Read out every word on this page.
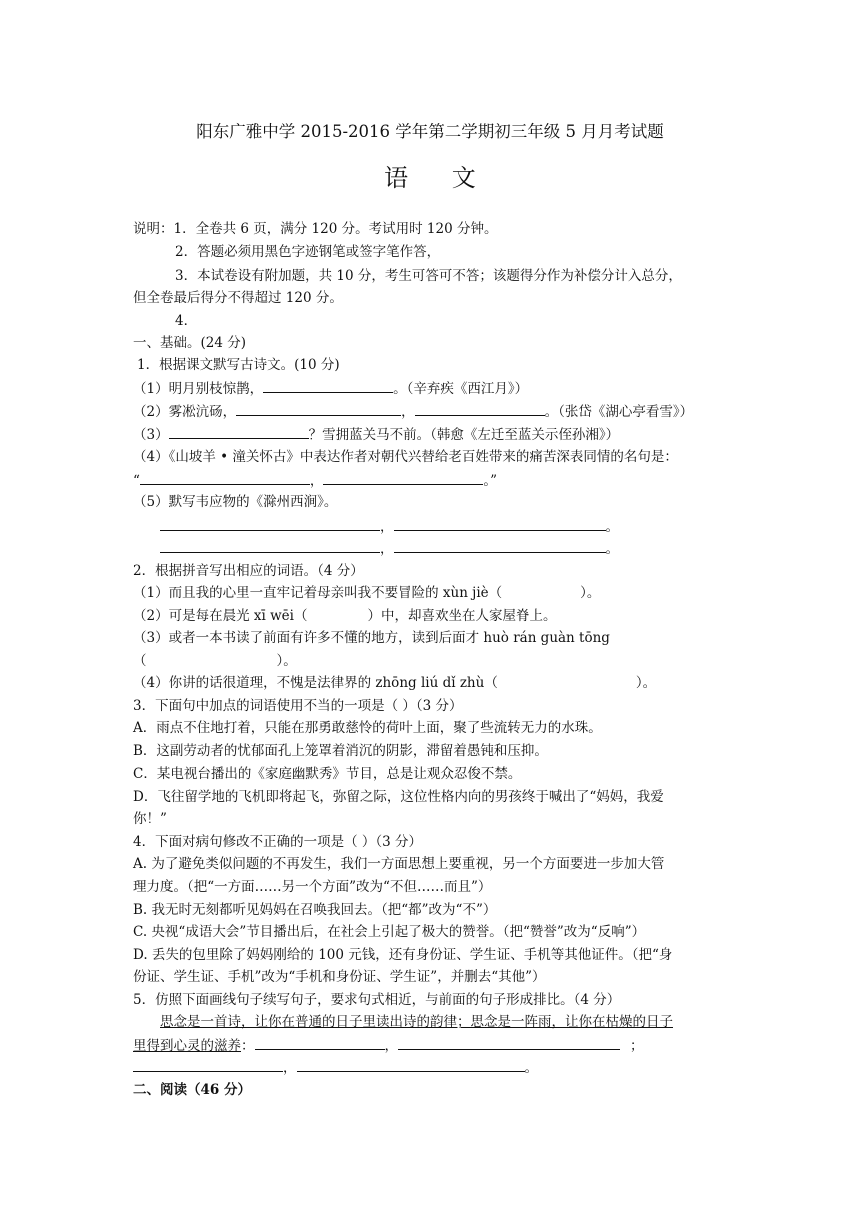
阳东广雅中学 2015-2016 学年第二学期初三年级 5 月月考试题
语 文
说明：1．全卷共 6 页，满分 120 分。考试用时 120 分钟。
2．答题必须用黑色字迹钢笔或签字笔作答，
3．本试卷设有附加题，共 10 分，考生可答可不答；该题得分作为补偿分计入总分，
但全卷最后得分不得超过 120 分。
4．
一、基础。(24 分)
1．根据课文默写古诗文。(10 分)
（1）明月别枝惊鹊，	。（辛弃疾《西江月》）
（2）雾凇沆砀，	，	。（张岱《湖心亭看雪》）
（3）	？雪拥蓝关马不前。（韩愈《左迁至蓝关示侄孙湘》）
（4）《山坡羊 • 潼关怀古》中表达作者对朝代兴替给老百姓带来的痛苦深表同情的名句是：
“	，	。”
（5）默写韦应物的《滁州西涧》。
，	。
，	。
2．根据拼音写出相应的词语。（4 分）
（1）而且我的心里一直牢记着母亲叫我不要冒险的 xùn jiè（	）。
（2）可是每在晨光 xī wēi（	）中，却喜欢坐在人家屋脊上。
（3）或者一本书读了前面有许多不懂的地方，读到后面才 huò rán guàn tōng
（	）。
（4）你讲的话很道理，不愧是法律界的 zhōng liú dǐ zhù（	）。
3．下面句中加点的词语使用不当的一项是（ ）（3 分）
A．雨点不住地打着，只能在那勇敢慈怜的荷叶上面，聚了些流转无力的水珠。
B．这副劳动者的忧郁面孔上笼罩着消沉的阴影，滞留着愚钝和压抑。
C．某电视台播出的《家庭幽默秀》节目，总是让观众忍俊不禁。
D．飞往留学地的飞机即将起飞，弥留之际，这位性格内向的男孩终于喊出了“妈妈，我爱
你！”
4．下面对病句修改不正确的一项是（ ）（3 分）
A. 为了避免类似问题的不再发生，我们一方面思想上要重视，另一个方面要进一步加大管
理力度。（把“一方面……另一个方面”改为“不但……而且”）
B. 我无时无刻都听见妈妈在召唤我回去。（把“都”改为“不”）
C. 央视“成语大会”节目播出后，在社会上引起了极大的赞誉。（把“赞誉”改为“反响”）
D. 丢失的包里除了妈妈刚给的 100 元钱，还有身份证、学生证、手机等其他证件。（把“身
份证、学生证、手机”改为“手机和身份证、学生证”，并删去“其他”）
5．仿照下面画线句子续写句子，要求句式相近，与前面的句子形成排比。（4 分）
思念是一首诗，让你在普通的日子里读出诗的韵律；思念是一阵雨，让你在枯燥的日子
里得到心灵的滋养：	，	；
，	。
二、阅读（46 分）
